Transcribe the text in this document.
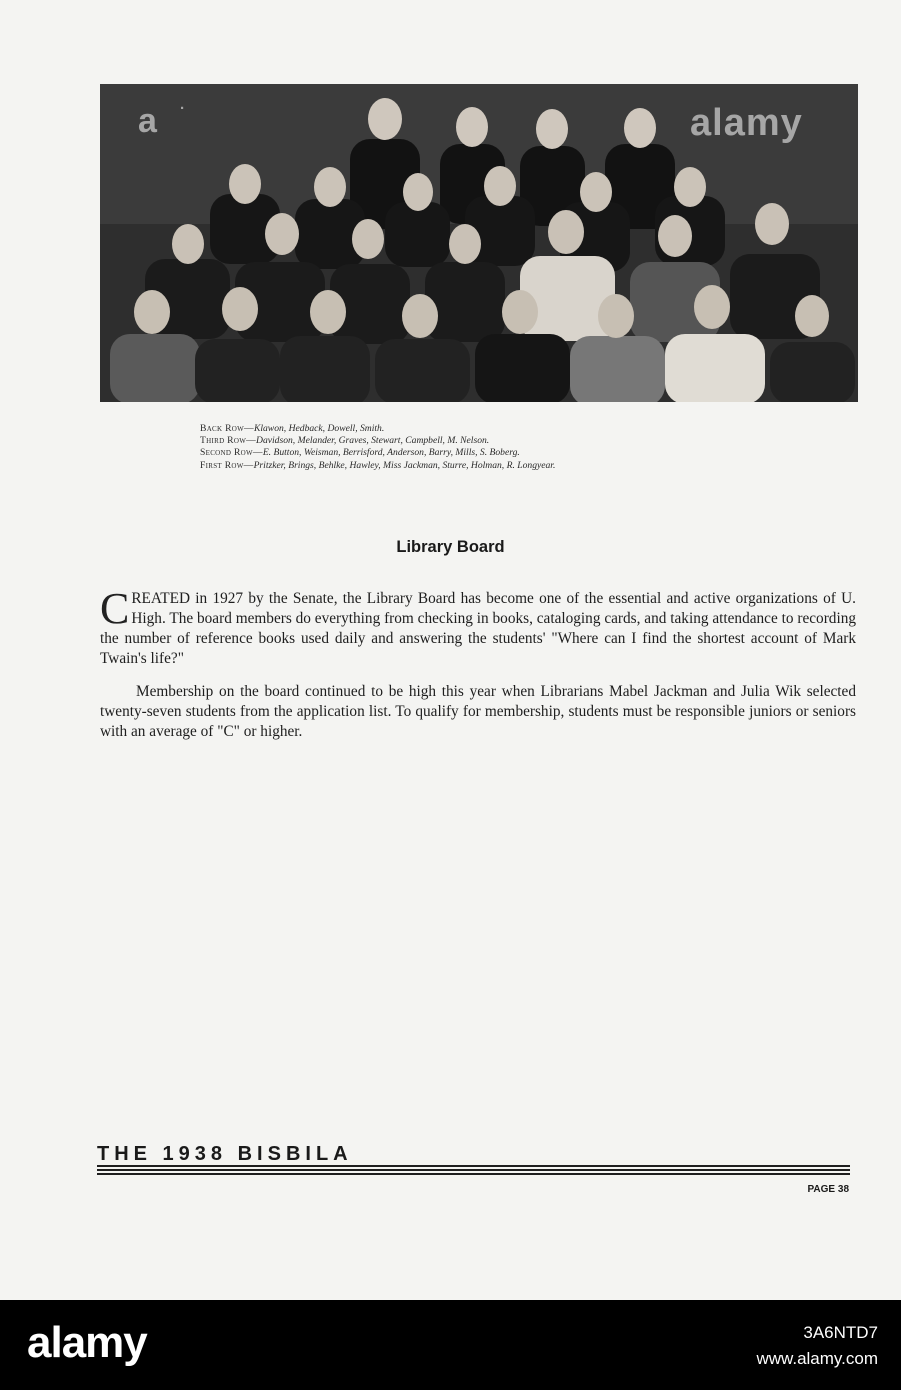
a .	alamy
Back Row—Klawon, Hedback, Dowell, Smith.
Third Row—Davidson, Melander, Graves, Stewart, Campbell, M. Nelson.
Second Row—E. Button, Weisman, Berrisford, Anderson, Barry, Mills, S. Boberg.
First Row—Pritzker, Brings, Behlke, Hawley, Miss Jackman, Sturre, Holman, R. Longyear.
Library Board

CREATED in 1927 by the Senate, the Library Board has become one of the essential and active organizations of U. High. The board members do everything from checking in books, cataloging cards, and taking attendance to recording the number of reference books used daily and answering the students' "Where can I find the shortest account of Mark Twain's life?"

Membership on the board continued to be high this year when Librarians Mabel Jackman and Julia Wik selected twenty-seven students from the application list. To qualify for membership, students must be responsible juniors or seniors with an average of "C" or higher.

THE 1938 BISBILA
PAGE 38
alamy	3A6NTD7
www.alamy.com
